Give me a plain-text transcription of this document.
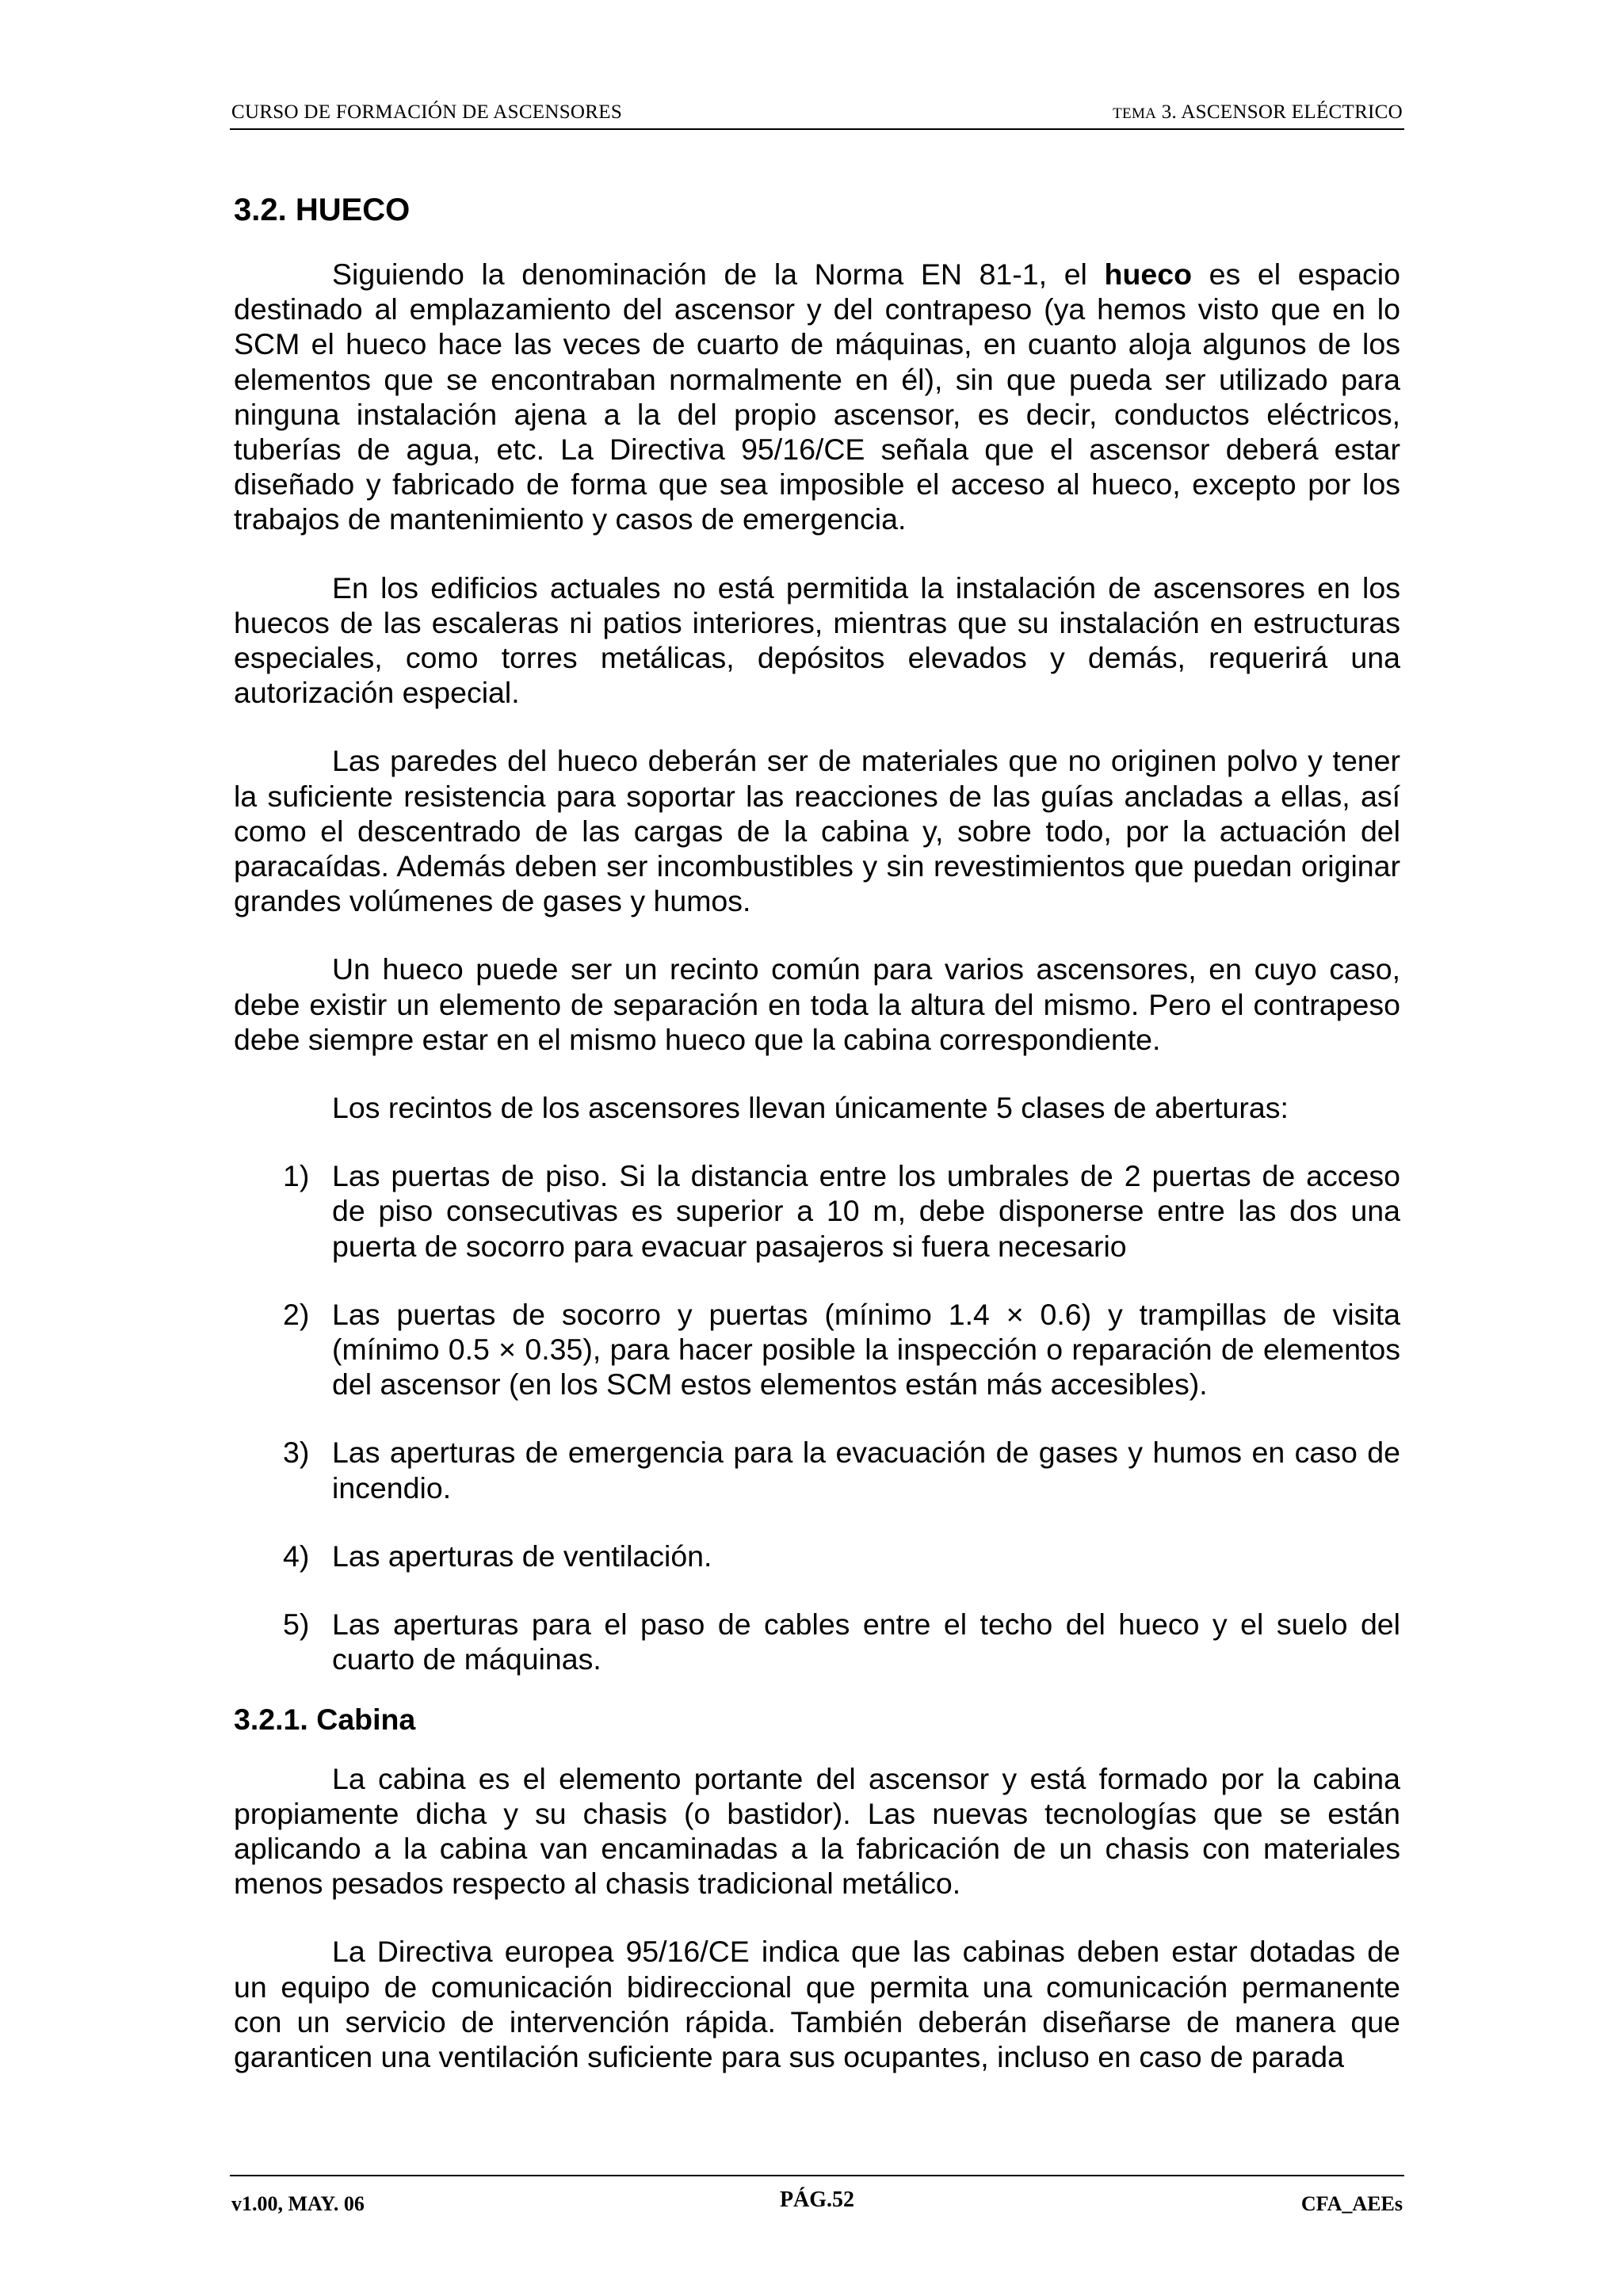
CURSO DE FORMACIÓN DE ASCENSORES	TEMA 3. ASCENSOR ELÉCTRICO
3.2. HUECO

Siguiendo la denominación de la Norma EN 81-1, el hueco es el espacio destinado al emplazamiento del ascensor y del contrapeso (ya hemos visto que en lo SCM el hueco hace las veces de cuarto de máquinas, en cuanto aloja algunos de los elementos que se encontraban normalmente en él), sin que pueda ser utilizado para ninguna instalación ajena a la del propio ascensor, es decir, conductos eléctricos, tuberías de agua, etc. La Directiva 95/16/CE señala que el ascensor deberá estar diseñado y fabricado de forma que sea imposible el acceso al hueco, excepto por los trabajos de mantenimiento y casos de emergencia.

En los edificios actuales no está permitida la instalación de ascensores en los huecos de las escaleras ni patios interiores, mientras que su instalación en estructuras especiales, como torres metálicas, depósitos elevados y demás, requerirá una autorización especial.

Las paredes del hueco deberán ser de materiales que no originen polvo y tener la suficiente resistencia para soportar las reacciones de las guías ancladas a ellas, así como el descentrado de las cargas de la cabina y, sobre todo, por la actuación del paracaídas. Además deben ser incombustibles y sin revestimientos que puedan originar grandes volúmenes de gases y humos.

Un hueco puede ser un recinto común para varios ascensores, en cuyo caso, debe existir un elemento de separación en toda la altura del mismo. Pero el contrapeso debe siempre estar en el mismo hueco que la cabina correspondiente.

Los recintos de los ascensores llevan únicamente 5 clases de aberturas:

1) Las puertas de piso. Si la distancia entre los umbrales de 2 puertas de acceso de piso consecutivas es superior a 10 m, debe disponerse entre las dos una puerta de socorro para evacuar pasajeros si fuera necesario
2) Las puertas de socorro y puertas (mínimo 1.4 × 0.6) y trampillas de visita (mínimo 0.5 × 0.35), para hacer posible la inspección o reparación de elementos del ascensor (en los SCM estos elementos están más accesibles).
3) Las aperturas de emergencia para la evacuación de gases y humos en caso de incendio.
4) Las aperturas de ventilación.
5) Las aperturas para el paso de cables entre el techo del hueco y el suelo del cuarto de máquinas.
3.2.1. Cabina

La cabina es el elemento portante del ascensor y está formado por la cabina propiamente dicha y su chasis (o bastidor). Las nuevas tecnologías que se están aplicando a la cabina van encaminadas a la fabricación de un chasis con materiales menos pesados respecto al chasis tradicional metálico.

La Directiva europea 95/16/CE indica que las cabinas deben estar dotadas de un equipo de comunicación bidireccional que permita una comunicación permanente con un servicio de intervención rápida. También deberán diseñarse de manera que garanticen una ventilación suficiente para sus ocupantes, incluso en caso de parada

v1.00, MAY. 06	PÁG.52	CFA_AEEs
